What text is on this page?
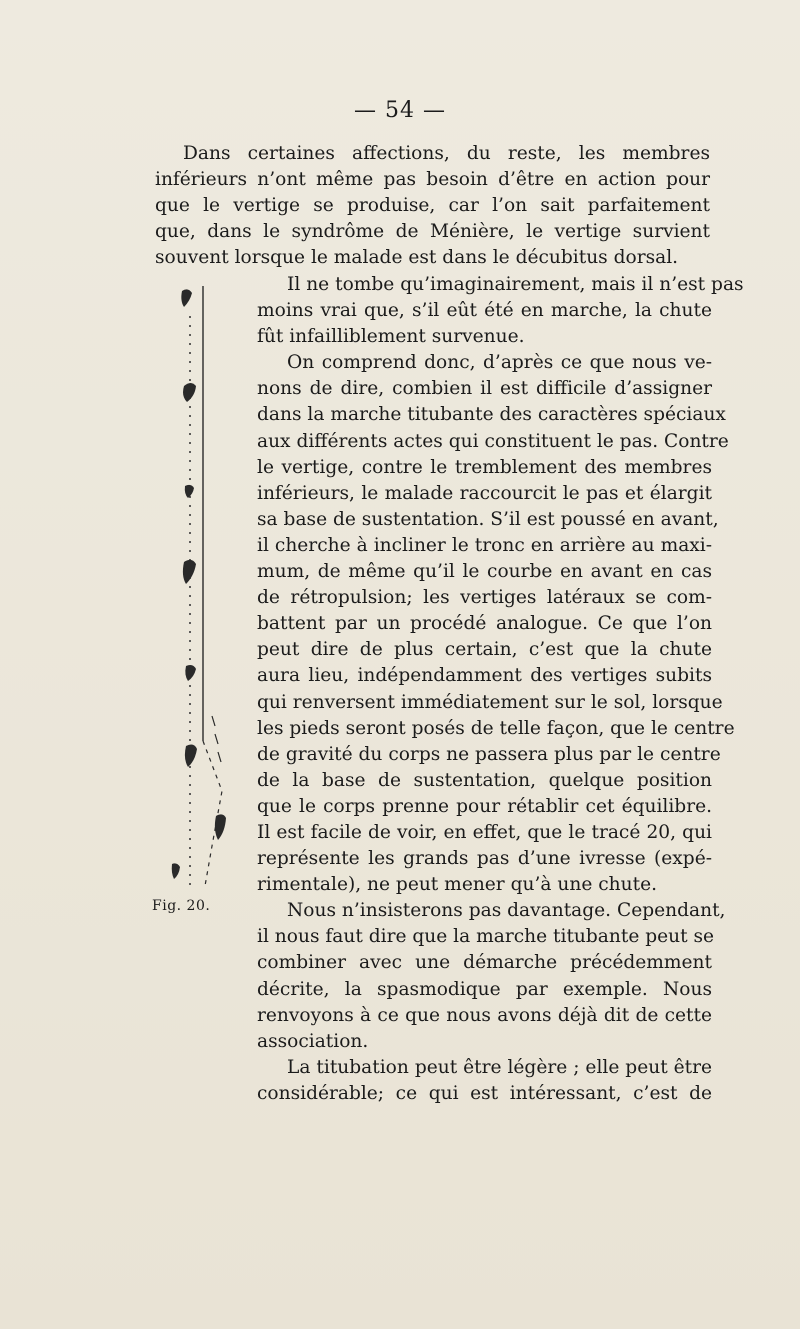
— 54 —
Dans certaines affections, du reste, les membres
inférieurs n’ont même pas besoin d’être en action pour
que le vertige se produise, car l’on sait parfaitement
que, dans le syndrôme de Ménière, le vertige survient
souvent lorsque le malade est dans le décubitus dorsal.
Il ne tombe qu’imaginairement, mais il n’est pas
moins vrai que, s’il eût été en marche, la chute
fût infailliblement survenue.
On comprend donc, d’après ce que nous ve-
nons de dire, combien il est difficile d’assigner
dans la marche titubante des caractères spéciaux
aux différents actes qui constituent le pas. Contre
le vertige, contre le tremblement des membres
inférieurs, le malade raccourcit le pas et élargit
sa base de sustentation. S’il est poussé en avant,
il cherche à incliner le tronc en arrière au maxi-
mum, de même qu’il le courbe en avant en cas
de rétropulsion; les vertiges latéraux se com-
battent par un procédé analogue. Ce que l’on
peut dire de plus certain, c’est que la chute
aura lieu, indépendamment des vertiges subits
qui renversent immédiatement sur le sol, lorsque
les pieds seront posés de telle façon, que le centre
de gravité du corps ne passera plus par le centre
de la base de sustentation, quelque position
que le corps prenne pour rétablir cet équilibre.
Il est facile de voir, en effet, que le tracé 20, qui
représente les grands pas d’une ivresse (expé-
rimentale), ne peut mener qu’à une chute.
Nous n’insisterons pas davantage. Cependant,
il nous faut dire que la marche titubante peut se
combiner avec une démarche précédemment
décrite, la spasmodique par exemple. Nous
renvoyons à ce que nous avons déjà dit de cette
association.
La titubation peut être légère ; elle peut être
considérable; ce qui est intéressant, c’est de
Fig. 20.
